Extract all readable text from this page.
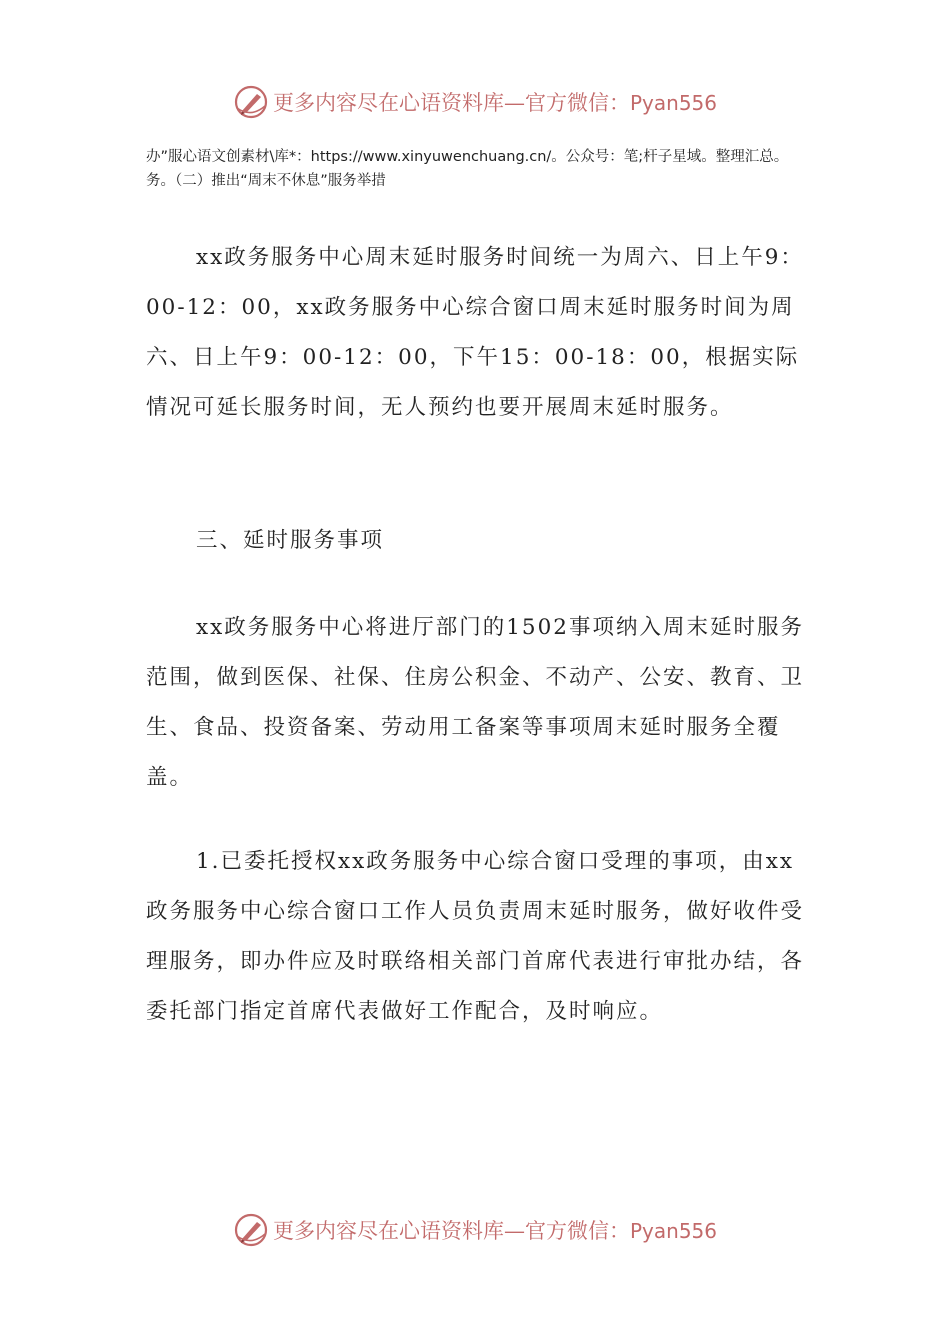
更多内容尽在心语资料库—官方微信：Pyan556
办”服心语文创素材\库*：https://www.xinyuwenchuang.cn/。公众号：笔;杆子星域。整理汇总。务。（二）推出“周末不休息”服务举措

xx政务服务中心周末延时服务时间统一为周六、日上午9：00-12：00，xx政务服务中心综合窗口周末延时服务时间为周六、日上午9：00-12：00，下午15：00-18：00，根据实际情况可延长服务时间，无人预约也要开展周末延时服务。

三、延时服务事项

xx政务服务中心将进厅部门的1502事项纳入周末延时服务范围，做到医保、社保、住房公积金、不动产、公安、教育、卫生、食品、投资备案、劳动用工备案等事项周末延时服务全覆盖。

1.已委托授权xx政务服务中心综合窗口受理的事项，由xx政务服务中心综合窗口工作人员负责周末延时服务，做好收件受理服务，即办件应及时联络相关部门首席代表进行审批办结，各委托部门指定首席代表做好工作配合，及时响应。

更多内容尽在心语资料库—官方微信：Pyan556
